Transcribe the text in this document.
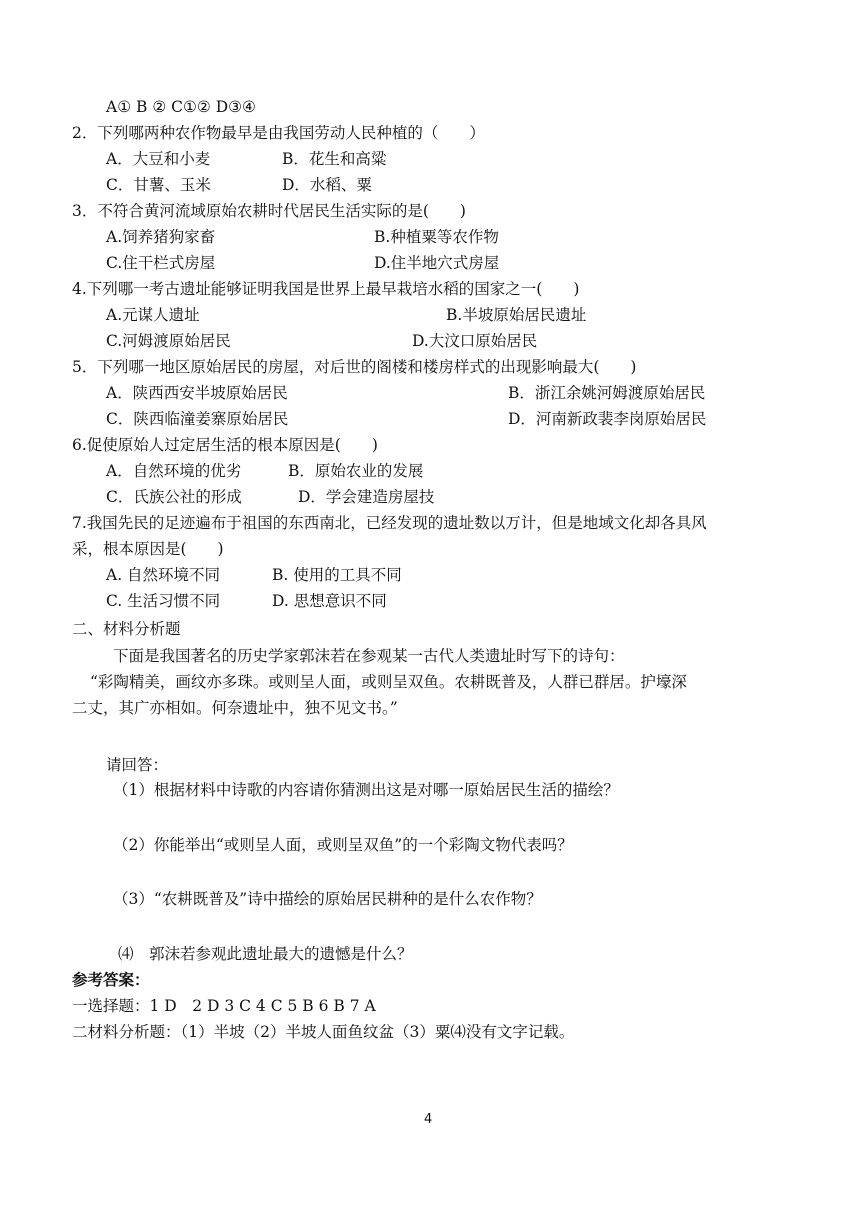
A① B ② C①② D③④
2．下列哪两种农作物最早是由我国劳动人民种植的（　　）
A．大豆和小麦	B．花生和高粱
C．甘薯、玉米	D．水稻、粟
3．不符合黄河流域原始农耕时代居民生活实际的是(　　)
A.饲养猪狗家畜	B.种植粟等农作物
C.住干栏式房屋	D.住半地穴式房屋
4.下列哪一考古遗址能够证明我国是世界上最早栽培水稻的国家之一(　　)
A.元谋人遗址	B.半坡原始居民遗址
C.河姆渡原始居民	D.大汶口原始居民
5．下列哪一地区原始居民的房屋，对后世的阁楼和楼房样式的出现影响最大(　　)
A．陕西西安半坡原始居民	B．浙江余姚河姆渡原始居民
C．陕西临潼姜寨原始居民	D．河南新政裴李岗原始居民
6.促使原始人过定居生活的根本原因是(　　)
A．自然环境的优劣	B．原始农业的发展
C．氏族公社的形成	D．学会建造房屋技
7.我国先民的足迹遍布于祖国的东西南北，已经发现的遗址数以万计，但是地域文化却各具风
采，根本原因是(　　)
A. 自然环境不同	B. 使用的工具不同
C. 生活习惯不同	D. 思想意识不同
二、材料分析题
下面是我国著名的历史学家郭沫若在参观某一古代人类遗址时写下的诗句：
“彩陶精美，画纹亦多珠。或则呈人面，或则呈双鱼。农耕既普及，人群已群居。护壕深
二丈，其广亦相如。何奈遗址中，独不见文书。”
请回答：
（1）根据材料中诗歌的内容请你猜测出这是对哪一原始居民生活的描绘？
（2）你能举出“或则呈人面，或则呈双鱼”的一个彩陶文物代表吗？
（3）“农耕既普及”诗中描绘的原始居民耕种的是什么农作物？
⑷　郭沫若参观此遗址最大的遗憾是什么？
参考答案：
一选择题：1 D　2 D 3 C 4 C 5 B 6 B 7 A
二材料分析题：（1）半坡（2）半坡人面鱼纹盆（3）粟⑷没有文字记载。
4
